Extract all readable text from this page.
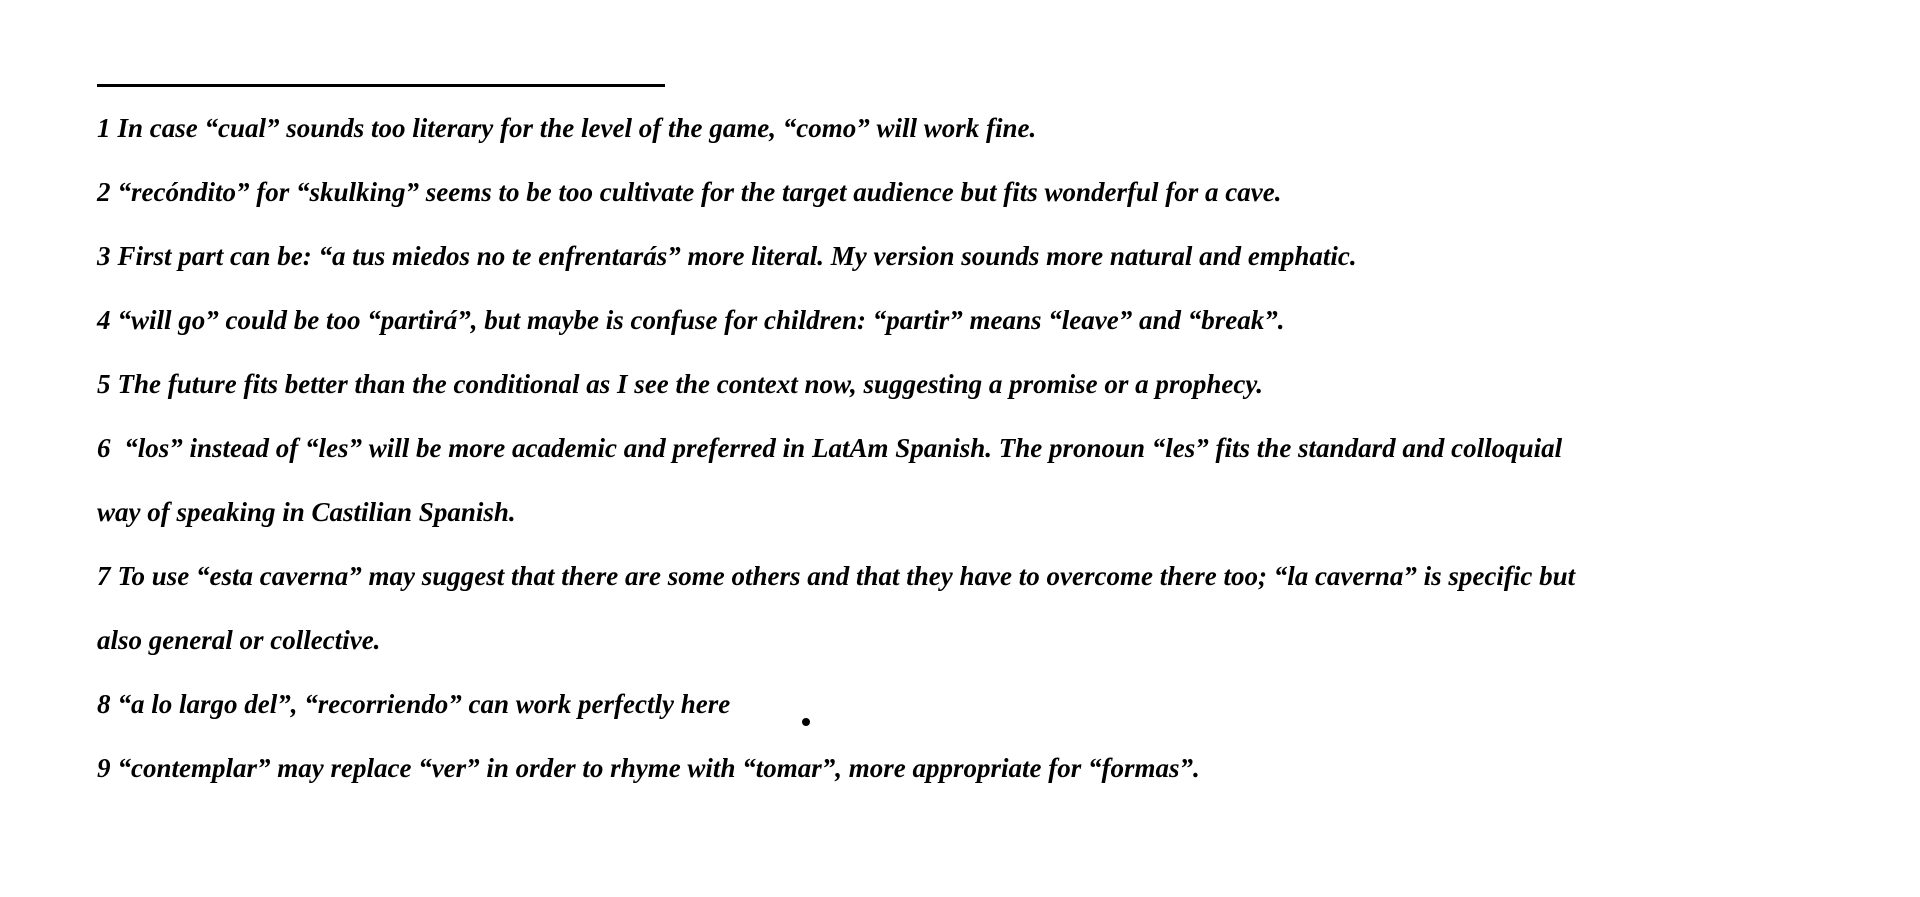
1 In case “cual” sounds too literary for the level of the game, “como” will work fine.
2 “recóndito” for “skulking” seems to be too cultivate for the target audience but fits wonderful for a cave.
3 First part can be: “a tus miedos no te enfrentarás” more literal. My version sounds more natural and emphatic.
4 “will go” could be too “partirá”, but maybe is confuse for children: “partir” means “leave” and “break”.
5 The future fits better than the conditional as I see the context now, suggesting a promise or a prophecy.
6 “los” instead of “les” will be more academic and preferred in LatAm Spanish. The pronoun “les” fits the standard and colloquial
way of speaking in Castilian Spanish.
7 To use “esta caverna” may suggest that there are some others and that they have to overcome there too; “la caverna” is specific but
also general or collective.
8 “a lo largo del”, “recorriendo” can work perfectly here
9 “contemplar” may replace “ver” in order to rhyme with “tomar”, more appropriate for “formas”.
